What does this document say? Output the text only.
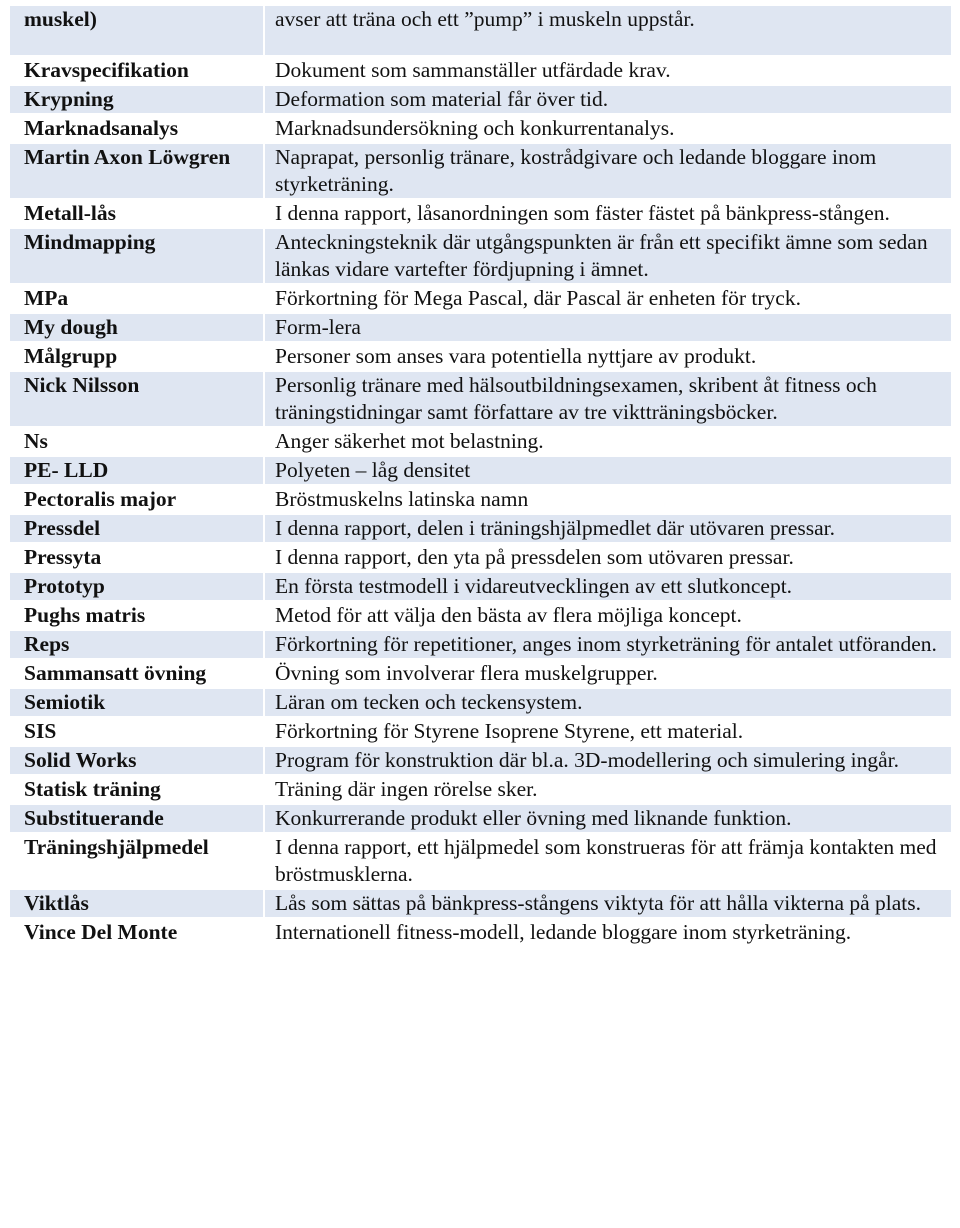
muskel)	avser att träna och ett ”pump” i muskeln uppstår.
Kravspecifikation	Dokument som sammanställer utfärdade krav.
Krypning	Deformation som material får över tid.
Marknadsanalys	Marknadsundersökning och konkurrentanalys.
Martin Axon Löwgren	Naprapat, personlig tränare, kostrådgivare och ledande bloggare inom styrketräning.
Metall-lås	I denna rapport, låsanordningen som fäster fästet på bänkpress-stången.
Mindmapping	Anteckningsteknik där utgångspunkten är från ett specifikt ämne som sedan länkas vidare vartefter fördjupning i ämnet.
MPa	Förkortning för Mega Pascal, där Pascal är enheten för tryck.
My dough	Form-lera
Målgrupp	Personer som anses vara potentiella nyttjare av produkt.
Nick Nilsson	Personlig tränare med hälsoutbildningsexamen, skribent åt fitness och träningstidningar samt författare av tre viktträningsböcker.
Ns	Anger säkerhet mot belastning.
PE- LLD	Polyeten – låg densitet
Pectoralis major	Bröstmuskelns latinska namn
Pressdel	I denna rapport, delen i träningshjälpmedlet där utövaren pressar.
Pressyta	I denna rapport, den yta på pressdelen som utövaren pressar.
Prototyp	En första testmodell i vidareutvecklingen av ett slutkoncept.
Pughs matris	Metod för att välja den bästa av flera möjliga koncept.
Reps	Förkortning för repetitioner, anges inom styrketräning för antalet utföranden.
Sammansatt övning	Övning som involverar flera muskelgrupper.
Semiotik	Läran om tecken och teckensystem.
SIS	Förkortning för Styrene Isoprene Styrene, ett material.
Solid Works	Program för konstruktion där bl.a. 3D-modellering och simulering ingår.
Statisk träning	Träning där ingen rörelse sker.
Substituerande	Konkurrerande produkt eller övning med liknande funktion.
Träningshjälpmedel	I denna rapport, ett hjälpmedel som konstrueras för att främja kontakten med bröstmusklerna.
Viktlås	Lås som sättas på bänkpress-stångens viktyta för att hålla vikterna på plats.
Vince Del Monte	Internationell fitness-modell, ledande bloggare inom styrketräning.
